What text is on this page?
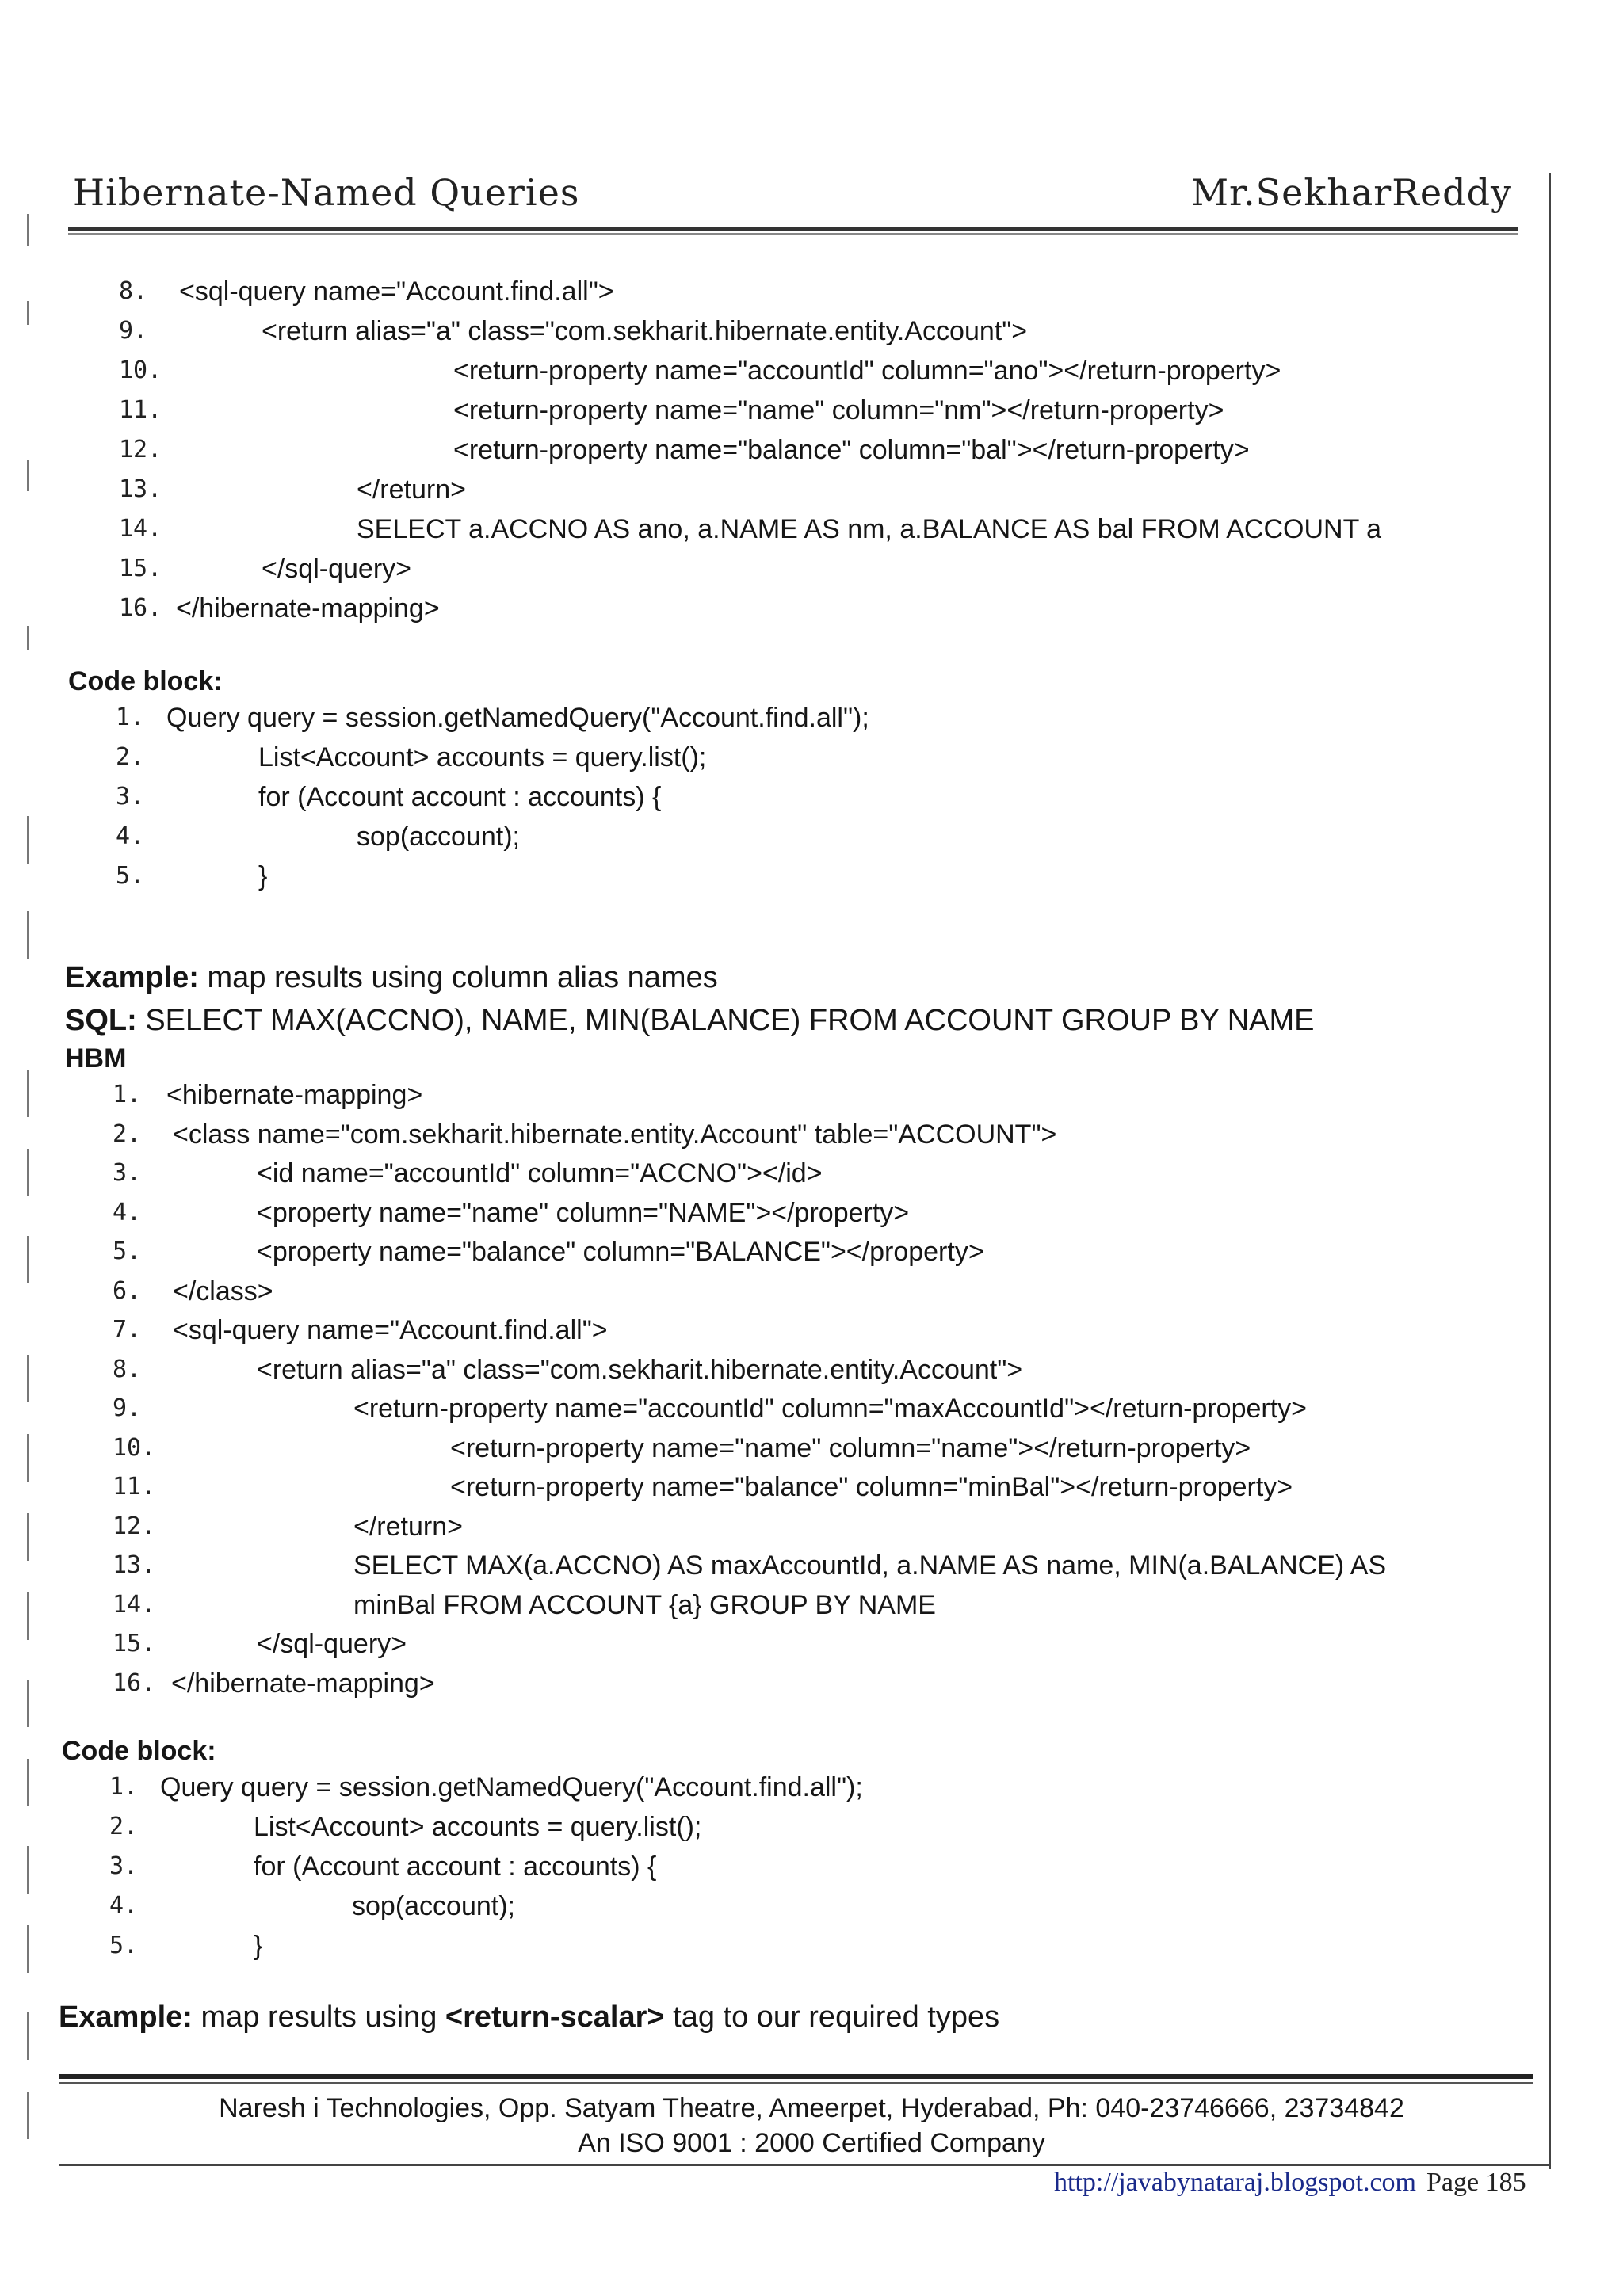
Hibernate-Named Queries	Mr.SekharReddy
8. <sql-query name="Account.find.all">
9.	<return alias="a" class="com.sekharit.hibernate.entity.Account">
10.	<return-property name="accountId" column="ano"></return-property>
11.	<return-property name="name" column="nm"></return-property>
12.	<return-property name="balance" column="bal"></return-property>
13.	</return>
14.	SELECT a.ACCNO AS ano, a.NAME AS nm, a.BALANCE AS bal FROM ACCOUNT a
15.	</sql-query>
16. </hibernate-mapping>
Code block:
1. Query query = session.getNamedQuery("Account.find.all");
2.	List<Account> accounts = query.list();
3.	for (Account account : accounts) {
4.	sop(account);
5.	}
Example: map results using column alias names
SQL: SELECT MAX(ACCNO), NAME, MIN(BALANCE) FROM ACCOUNT GROUP BY NAME
HBM
1. <hibernate-mapping>
2. <class name="com.sekharit.hibernate.entity.Account" table="ACCOUNT">
3.	<id name="accountId" column="ACCNO"></id>
4.	<property name="name" column="NAME"></property>
5.	<property name="balance" column="BALANCE"></property>
6. </class>
7. <sql-query name="Account.find.all">
8.	<return alias="a" class="com.sekharit.hibernate.entity.Account">
9.	<return-property name="accountId" column="maxAccountId"></return-property>
10.	<return-property name="name" column="name"></return-property>
11.	<return-property name="balance" column="minBal"></return-property>
12.	</return>
13.	SELECT MAX(a.ACCNO) AS maxAccountId, a.NAME AS name, MIN(a.BALANCE) AS
14.	minBal FROM ACCOUNT {a} GROUP BY NAME
15.	</sql-query>
16. </hibernate-mapping>
Code block:
1. Query query = session.getNamedQuery("Account.find.all");
2.	List<Account> accounts = query.list();
3.	for (Account account : accounts) {
4.	sop(account);
5.	}
Example: map results using <return-scalar> tag to our required types
Naresh i Technologies, Opp. Satyam Theatre, Ameerpet, Hyderabad, Ph: 040-23746666, 23734842
An ISO 9001 : 2000 Certified Company
http://javabynataraj.blogspot.com Page 185
